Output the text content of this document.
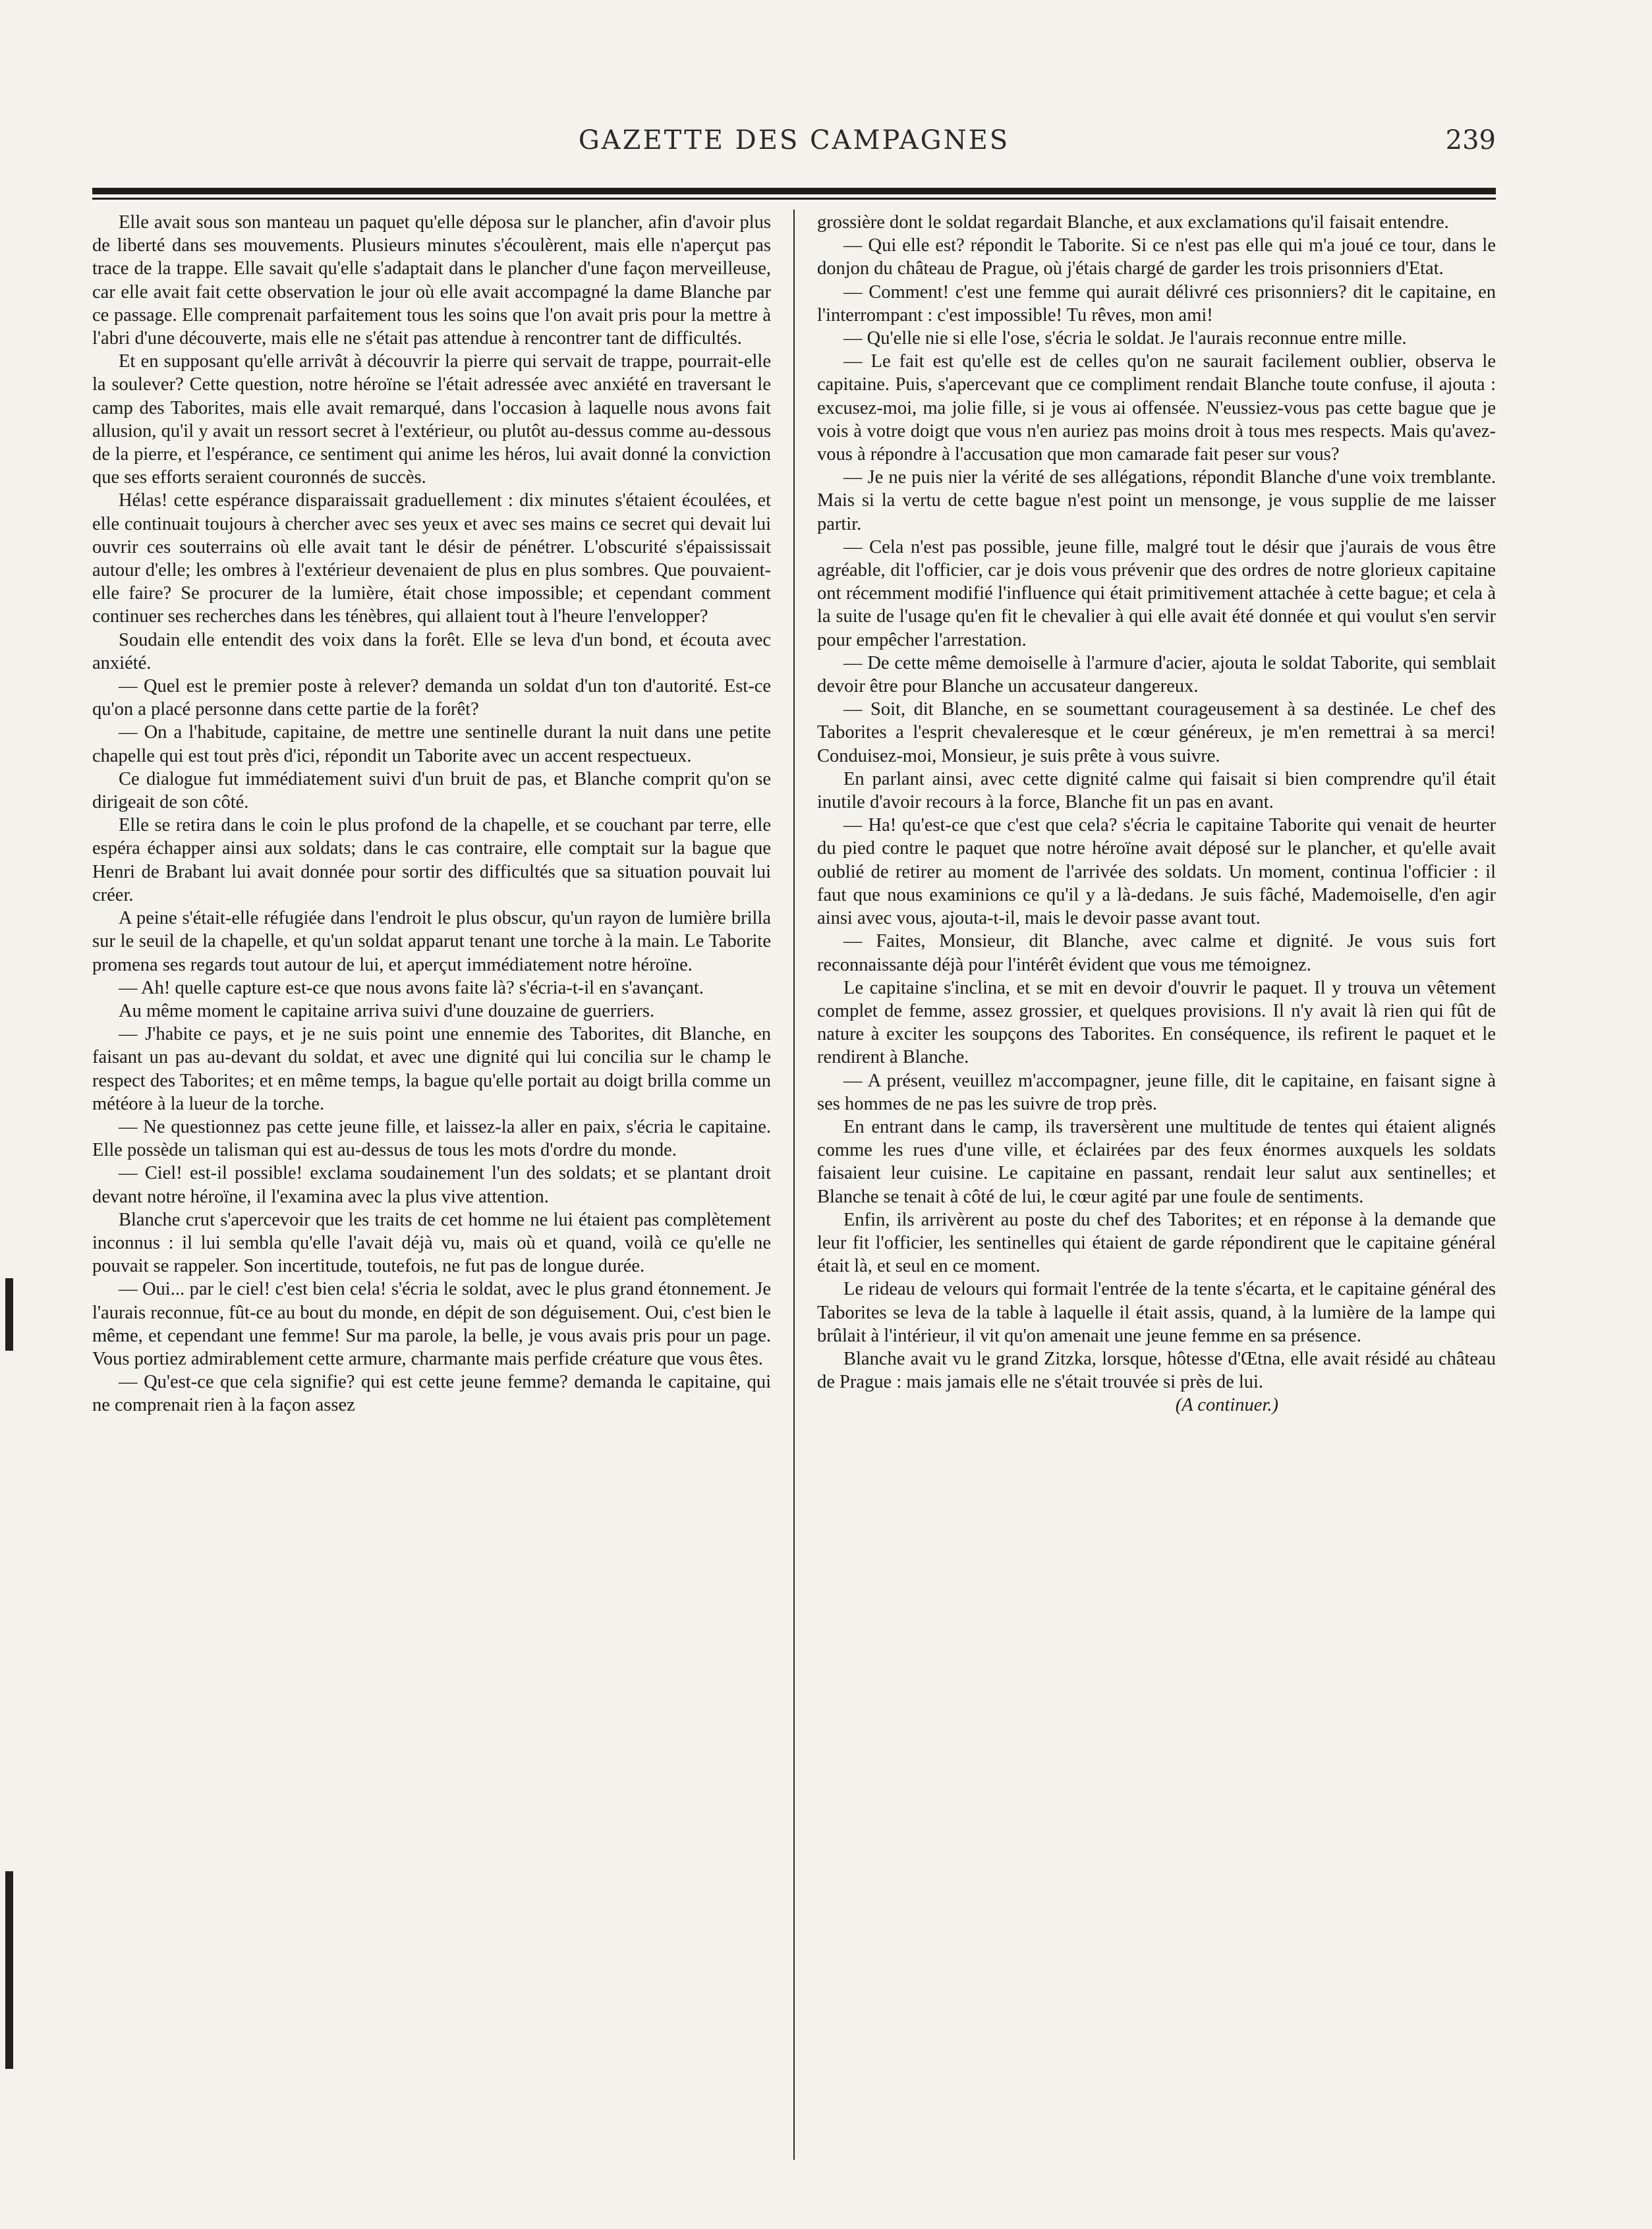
GAZETTE DES CAMPAGNES	239

Elle avait sous son manteau un paquet qu'elle déposa sur le plancher, afin d'avoir plus de liberté dans ses mouvements. Plusieurs minutes s'écoulèrent, mais elle n'aperçut pas trace de la trappe. Elle savait qu'elle s'adaptait dans le plancher d'une façon merveilleuse, car elle avait fait cette observation le jour où elle avait accompagné la dame Blanche par ce passage. Elle comprenait parfaitement tous les soins que l'on avait pris pour la mettre à l'abri d'une découverte, mais elle ne s'était pas attendue à rencontrer tant de difficultés.

Et en supposant qu'elle arrivât à découvrir la pierre qui servait de trappe, pourrait-elle la soulever? Cette question, notre héroïne se l'était adressée avec anxiété en traversant le camp des Taborites, mais elle avait remarqué, dans l'occasion à laquelle nous avons fait allusion, qu'il y avait un ressort secret à l'extérieur, ou plutôt au-dessus comme au-dessous de la pierre, et l'espérance, ce sentiment qui anime les héros, lui avait donné la conviction que ses efforts seraient couronnés de succès.

Hélas! cette espérance disparaissait graduellement : dix minutes s'étaient écoulées, et elle continuait toujours à chercher avec ses yeux et avec ses mains ce secret qui devait lui ouvrir ces souterrains où elle avait tant le désir de pénétrer. L'obscurité s'épaississait autour d'elle; les ombres à l'extérieur devenaient de plus en plus sombres. Que pouvaient-elle faire? Se procurer de la lumière, était chose impossible; et cependant comment continuer ses recherches dans les ténèbres, qui allaient tout à l'heure l'envelopper?

Soudain elle entendit des voix dans la forêt. Elle se leva d'un bond, et écouta avec anxiété.

— Quel est le premier poste à relever? demanda un soldat d'un ton d'autorité. Est-ce qu'on a placé personne dans cette partie de la forêt?

— On a l'habitude, capitaine, de mettre une sentinelle durant la nuit dans une petite chapelle qui est tout près d'ici, répondit un Taborite avec un accent respectueux.

Ce dialogue fut immédiatement suivi d'un bruit de pas, et Blanche comprit qu'on se dirigeait de son côté.

Elle se retira dans le coin le plus profond de la chapelle, et se couchant par terre, elle espéra échapper ainsi aux soldats; dans le cas contraire, elle comptait sur la bague que Henri de Brabant lui avait donnée pour sortir des difficultés que sa situation pouvait lui créer.

A peine s'était-elle réfugiée dans l'endroit le plus obscur, qu'un rayon de lumière brilla sur le seuil de la chapelle, et qu'un soldat apparut tenant une torche à la main. Le Taborite promena ses regards tout autour de lui, et aperçut immédiatement notre héroïne.

— Ah! quelle capture est-ce que nous avons faite là? s'écria-t-il en s'avançant.

Au même moment le capitaine arriva suivi d'une douzaine de guerriers.

— J'habite ce pays, et je ne suis point une ennemie des Taborites, dit Blanche, en faisant un pas au-devant du soldat, et avec une dignité qui lui concilia sur le champ le respect des Taborites; et en même temps, la bague qu'elle portait au doigt brilla comme un météore à la lueur de la torche.

— Ne questionnez pas cette jeune fille, et laissez-la aller en paix, s'écria le capitaine. Elle possède un talisman qui est au-dessus de tous les mots d'ordre du monde.

— Ciel! est-il possible! exclama soudainement l'un des soldats; et se plantant droit devant notre héroïne, il l'examina avec la plus vive attention.

Blanche crut s'apercevoir que les traits de cet homme ne lui étaient pas complètement inconnus : il lui sembla qu'elle l'avait déjà vu, mais où et quand, voilà ce qu'elle ne pouvait se rappeler. Son incertitude, toutefois, ne fut pas de longue durée.

— Oui... par le ciel! c'est bien cela! s'écria le soldat, avec le plus grand étonnement. Je l'aurais reconnue, fût-ce au bout du monde, en dépit de son déguisement. Oui, c'est bien le même, et cependant une femme! Sur ma parole, la belle, je vous avais pris pour un page. Vous portiez admirablement cette armure, charmante mais perfide créature que vous êtes.

— Qu'est-ce que cela signifie? qui est cette jeune femme? demanda le capitaine, qui ne comprenait rien à la façon assez

grossière dont le soldat regardait Blanche, et aux exclamations qu'il faisait entendre.

— Qui elle est? répondit le Taborite. Si ce n'est pas elle qui m'a joué ce tour, dans le donjon du château de Prague, où j'étais chargé de garder les trois prisonniers d'Etat.

— Comment! c'est une femme qui aurait délivré ces prisonniers? dit le capitaine, en l'interrompant : c'est impossible! Tu rêves, mon ami!

— Qu'elle nie si elle l'ose, s'écria le soldat. Je l'aurais reconnue entre mille.

— Le fait est qu'elle est de celles qu'on ne saurait facilement oublier, observa le capitaine. Puis, s'apercevant que ce compliment rendait Blanche toute confuse, il ajouta : excusez-moi, ma jolie fille, si je vous ai offensée. N'eussiez-vous pas cette bague que je vois à votre doigt que vous n'en auriez pas moins droit à tous mes respects. Mais qu'avez-vous à répondre à l'accusation que mon camarade fait peser sur vous?

— Je ne puis nier la vérité de ses allégations, répondit Blanche d'une voix tremblante. Mais si la vertu de cette bague n'est point un mensonge, je vous supplie de me laisser partir.

— Cela n'est pas possible, jeune fille, malgré tout le désir que j'aurais de vous être agréable, dit l'officier, car je dois vous prévenir que des ordres de notre glorieux capitaine ont récemment modifié l'influence qui était primitivement attachée à cette bague; et cela à la suite de l'usage qu'en fit le chevalier à qui elle avait été donnée et qui voulut s'en servir pour empêcher l'arrestation.

— De cette même demoiselle à l'armure d'acier, ajouta le soldat Taborite, qui semblait devoir être pour Blanche un accusateur dangereux.

— Soit, dit Blanche, en se soumettant courageusement à sa destinée. Le chef des Taborites a l'esprit chevaleresque et le cœur généreux, je m'en remettrai à sa merci! Conduisez-moi, Monsieur, je suis prête à vous suivre.

En parlant ainsi, avec cette dignité calme qui faisait si bien comprendre qu'il était inutile d'avoir recours à la force, Blanche fit un pas en avant.

— Ha! qu'est-ce que c'est que cela? s'écria le capitaine Taborite qui venait de heurter du pied contre le paquet que notre héroïne avait déposé sur le plancher, et qu'elle avait oublié de retirer au moment de l'arrivée des soldats. Un moment, continua l'officier : il faut que nous examinions ce qu'il y a là-dedans. Je suis fâché, Mademoiselle, d'en agir ainsi avec vous, ajouta-t-il, mais le devoir passe avant tout.

— Faites, Monsieur, dit Blanche, avec calme et dignité. Je vous suis fort reconnaissante déjà pour l'intérêt évident que vous me témoignez.

Le capitaine s'inclina, et se mit en devoir d'ouvrir le paquet. Il y trouva un vêtement complet de femme, assez grossier, et quelques provisions. Il n'y avait là rien qui fût de nature à exciter les soupçons des Taborites. En conséquence, ils refirent le paquet et le rendirent à Blanche.

— A présent, veuillez m'accompagner, jeune fille, dit le capitaine, en faisant signe à ses hommes de ne pas les suivre de trop près.

En entrant dans le camp, ils traversèrent une multitude de tentes qui étaient alignés comme les rues d'une ville, et éclairées par des feux énormes auxquels les soldats faisaient leur cuisine. Le capitaine en passant, rendait leur salut aux sentinelles; et Blanche se tenait à côté de lui, le cœur agité par une foule de sentiments.

Enfin, ils arrivèrent au poste du chef des Taborites; et en réponse à la demande que leur fit l'officier, les sentinelles qui étaient de garde répondirent que le capitaine général était là, et seul en ce moment.

Le rideau de velours qui formait l'entrée de la tente s'écarta, et le capitaine général des Taborites se leva de la table à laquelle il était assis, quand, à la lumière de la lampe qui brûlait à l'intérieur, il vit qu'on amenait une jeune femme en sa présence.

Blanche avait vu le grand Zitzka, lorsque, hôtesse d'Œtna, elle avait résidé au château de Prague : mais jamais elle ne s'était trouvée si près de lui.

(A continuer.)
